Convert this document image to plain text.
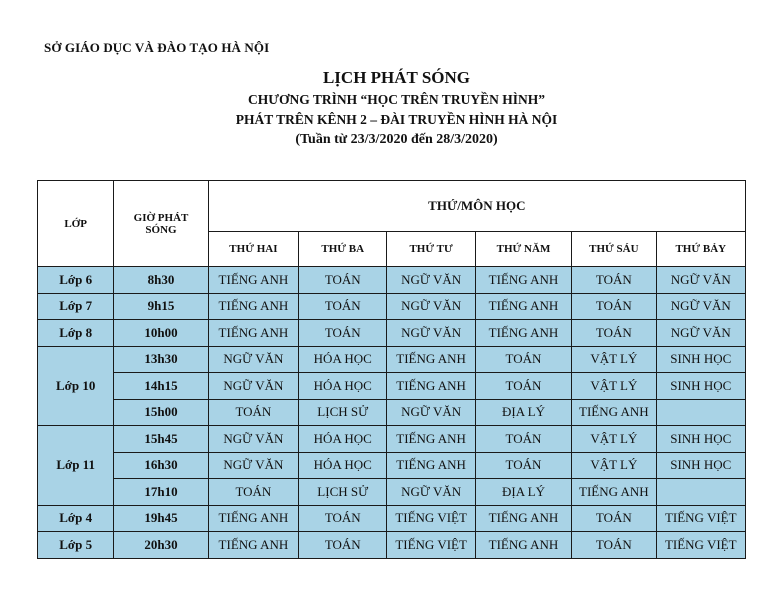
SỞ GIÁO DỤC VÀ ĐÀO TẠO HÀ NỘI
LỊCH PHÁT SÓNG
CHƯƠNG TRÌNH “HỌC TRÊN TRUYỀN HÌNH”
PHÁT TRÊN KÊNH 2 – ĐÀI TRUYỀN HÌNH HÀ NỘI
(Tuần từ 23/3/2020 đến 28/3/2020)
LỚP	GIỜ PHÁT SÓNG	THỨ/MÔN HỌC					
		THỨ HAI	THỨ BA	THỨ TƯ	THỨ NĂM	THỨ SÁU	THỨ BẢY
Lớp 6	8h30	TIẾNG ANH	TOÁN	NGỮ VĂN	TIẾNG ANH	TOÁN	NGỮ VĂN
Lớp 7	9h15	TIẾNG ANH	TOÁN	NGỮ VĂN	TIẾNG ANH	TOÁN	NGỮ VĂN
Lớp 8	10h00	TIẾNG ANH	TOÁN	NGỮ VĂN	TIẾNG ANH	TOÁN	NGỮ VĂN
Lớp 10	13h30	NGỮ VĂN	HÓA HỌC	TIẾNG ANH	TOÁN	VẬT LÝ	SINH HỌC
	14h15	NGỮ VĂN	HÓA HỌC	TIẾNG ANH	TOÁN	VẬT LÝ	SINH HỌC
	15h00	TOÁN	LỊCH SỬ	NGỮ VĂN	ĐỊA LÝ	TIẾNG ANH	
Lớp 11	15h45	NGỮ VĂN	HÓA HỌC	TIẾNG ANH	TOÁN	VẬT LÝ	SINH HỌC
	16h30	NGỮ VĂN	HÓA HỌC	TIẾNG ANH	TOÁN	VẬT LÝ	SINH HỌC
	17h10	TOÁN	LỊCH SỬ	NGỮ VĂN	ĐỊA LÝ	TIẾNG ANH	
Lớp 4	19h45	TIẾNG ANH	TOÁN	TIẾNG VIỆT	TIẾNG ANH	TOÁN	TIẾNG VIỆT
Lớp 5	20h30	TIẾNG ANH	TOÁN	TIẾNG VIỆT	TIẾNG ANH	TOÁN	TIẾNG VIỆT
